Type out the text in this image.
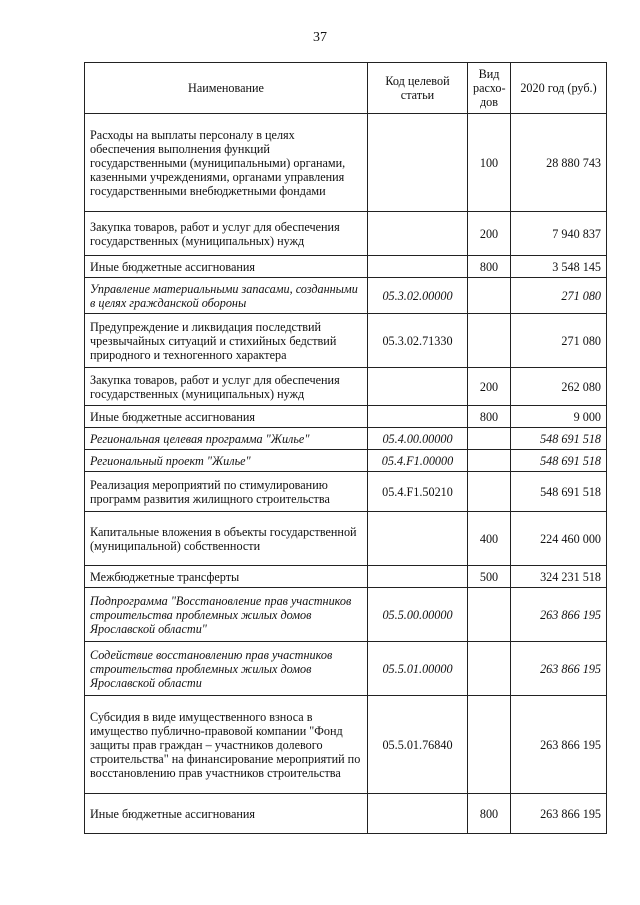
37
Наименование	Код целевой статьи	Вид расхо-дов	2020 год (руб.)
Расходы на выплаты персоналу в целях обеспечения выполнения функций государственными (муниципальными) органами, казенными учреждениями, органами управления государственными внебюджетными фондами		100	28 880 743
Закупка товаров, работ и услуг для обеспечения государственных (муниципальных) нужд		200	7 940 837
Иные бюджетные ассигнования		800	3 548 145
Управление материальными запасами, созданными в целях гражданской обороны	05.3.02.00000		271 080
Предупреждение и ликвидация последствий чрезвычайных ситуаций и стихийных бедствий природного и техногенного характера	05.3.02.71330		271 080
Закупка товаров, работ и услуг для обеспечения государственных (муниципальных) нужд		200	262 080
Иные бюджетные ассигнования		800	9 000
Региональная целевая программа "Жилье"	05.4.00.00000		548 691 518
Региональный проект "Жилье"	05.4.F1.00000		548 691 518
Реализация мероприятий по стимулированию программ развития жилищного строительства	05.4.F1.50210		548 691 518
Капитальные вложения в объекты государственной (муниципальной) собственности		400	224 460 000
Межбюджетные трансферты		500	324 231 518
Подпрограмма "Восстановление прав участников строительства проблемных жилых домов Ярославской области"	05.5.00.00000		263 866 195
Содействие восстановлению прав участников строительства проблемных жилых домов Ярославской области	05.5.01.00000		263 866 195
Субсидия в виде имущественного взноса в имущество публично-правовой компании "Фонд защиты прав граждан – участников долевого строительства" на финансирование мероприятий по восстановлению прав участников строительства	05.5.01.76840		263 866 195
Иные бюджетные ассигнования		800	263 866 195
